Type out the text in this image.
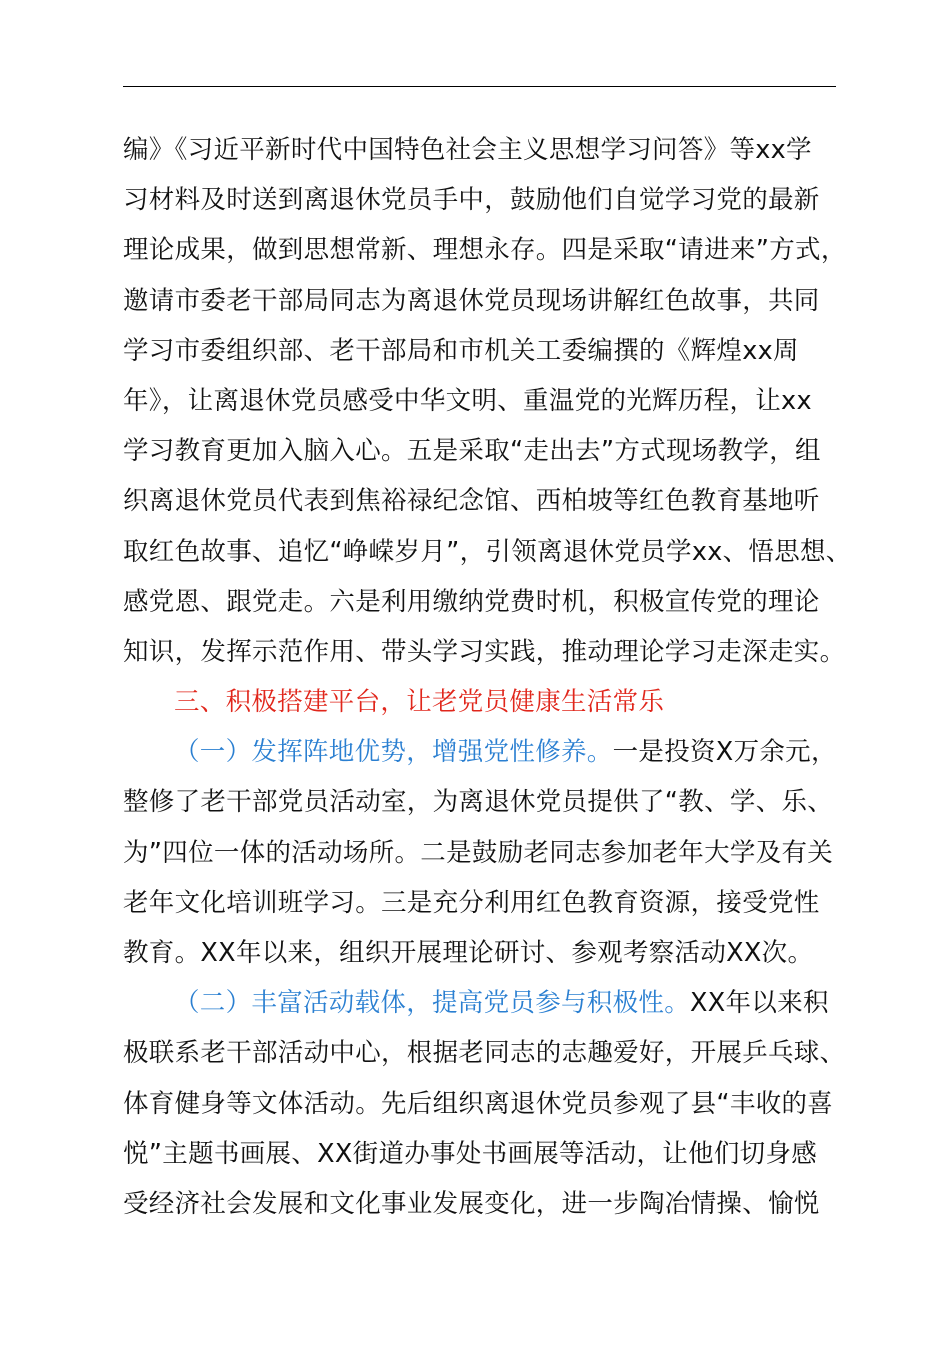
编》《习近平新时代中国特色社会主义思想学习问答》等xx学
习材料及时送到离退休党员手中，鼓励他们自觉学习党的最新
理论成果，做到思想常新、理想永存。四是采取“请进来”方式，
邀请市委老干部局同志为离退休党员现场讲解红色故事，共同
学习市委组织部、老干部局和市机关工委编撰的《辉煌xx周
年》，让离退休党员感受中华文明、重温党的光辉历程，让xx
学习教育更加入脑入心。五是采取“走出去”方式现场教学，组
织离退休党员代表到焦裕禄纪念馆、西柏坡等红色教育基地听
取红色故事、追忆“峥嵘岁月”，引领离退休党员学xx、悟思想、
感党恩、跟党走。六是利用缴纳党费时机，积极宣传党的理论
知识，发挥示范作用、带头学习实践，推动理论学习走深走实。
三、积极搭建平台，让老党员健康生活常乐
（一）发挥阵地优势，增强党性修养。一是投资X万余元，
整修了老干部党员活动室，为离退休党员提供了“教、学、乐、
为”四位一体的活动场所。二是鼓励老同志参加老年大学及有关
老年文化培训班学习。三是充分利用红色教育资源，接受党性
教育。XX年以来，组织开展理论研讨、参观考察活动XX次。
（二）丰富活动载体，提高党员参与积极性。XX年以来积
极联系老干部活动中心，根据老同志的志趣爱好，开展乒乓球、
体育健身等文体活动。先后组织离退休党员参观了县“丰收的喜
悦”主题书画展、XX街道办事处书画展等活动，让他们切身感
受经济社会发展和文化事业发展变化，进一步陶冶情操、愉悦
